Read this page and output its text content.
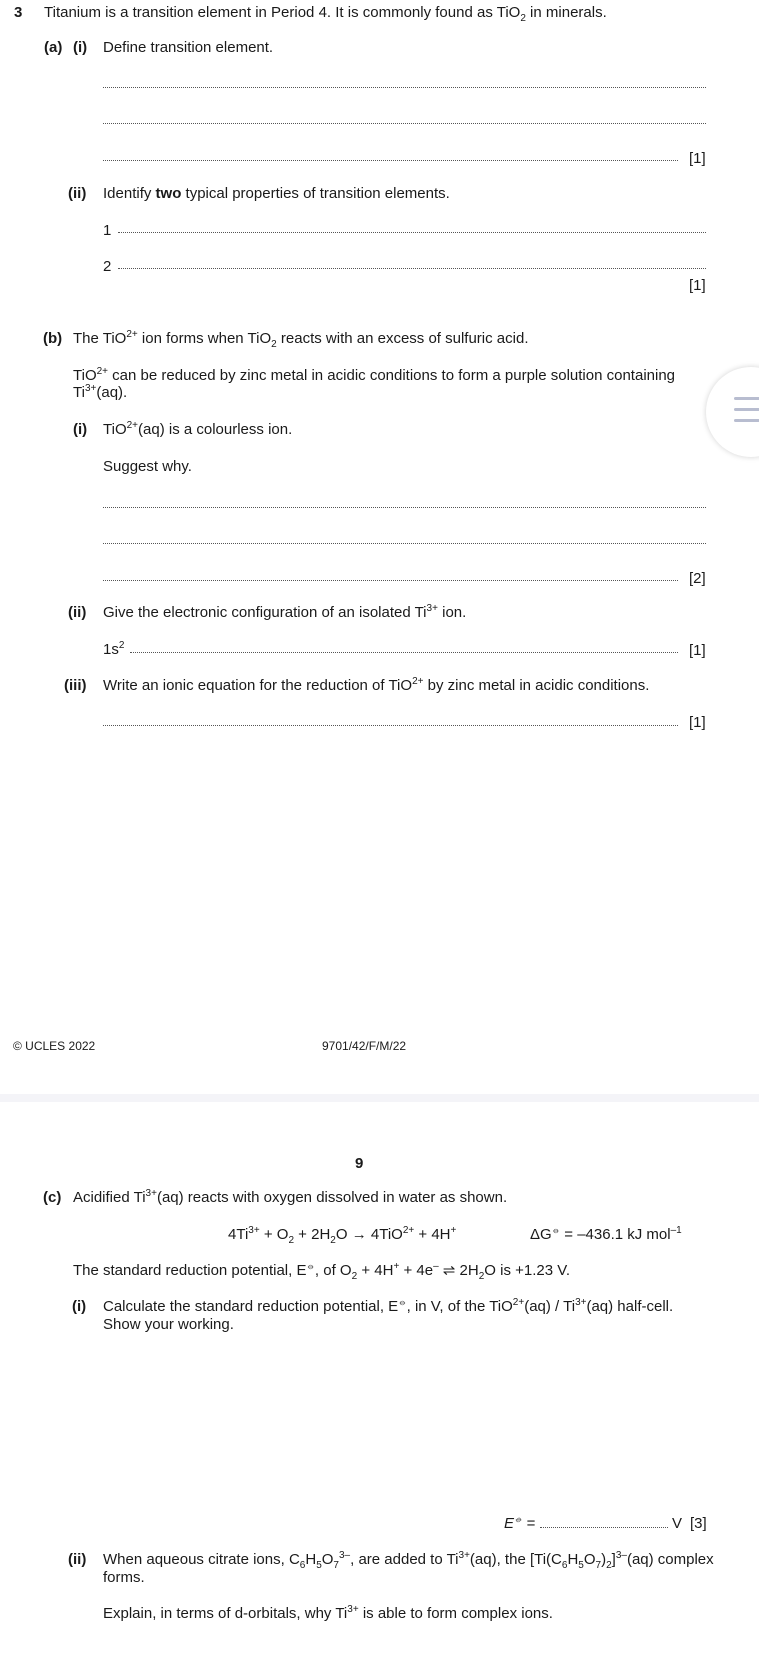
3 Titanium is a transition element in Period 4. It is commonly found as TiO$_2$ in minerals.
(a) (i) Define transition element.
[1]
(ii) Identify two typical properties of transition elements.
1
2
[1]
(b) The TiO$^{2+}$ ion forms when TiO$_2$ reacts with an excess of sulfuric acid.
TiO$^{2+}$ can be reduced by zinc metal in acidic conditions to form a purple solution containing
$Ti^{3+}(aq)$.
(i) TiO$^{2+}$(aq) is a colourless ion.
Suggest why.
[2]
(ii) Give the electronic configuration of an isolated $Ti^{3+}$ ion.
$1s^2$	[1]
(iii) Write an ionic equation for the reduction of TiO$^{2+}$ by zinc metal in acidic conditions.
[1]
© UCLES 2022	9701/42/F/M/22
9
(c) Acidified $Ti^{3+}(aq)$ reacts with oxygen dissolved in water as shown.
$4Ti^{3+} + O_2 + 2H_2O \to 4TiO^{2+} + 4H^+$	ΔG⦵ = –436.1 kJ mol$^{-1}$
The standard reduction potential, E⦵, of $O_2 + 4H^+ + 4e^-$ ⇌ $2H_2O$ is +1.23 V.
(i) Calculate the standard reduction potential, E⦵, in V, of the $TiO^{2+}(aq) / Ti^{3+}(aq)$ half-cell.
Show your working.
E⦵ =	V [3]
(ii) When aqueous citrate ions, $C_6H_5O_7^{3-}$, are added to $Ti^{3+}(aq)$, the $[Ti(C_6H_5O_7)_2]^{3-}(aq)$ complex
forms.
Explain, in terms of d-orbitals, why $Ti^{3+}$ is able to form complex ions.
